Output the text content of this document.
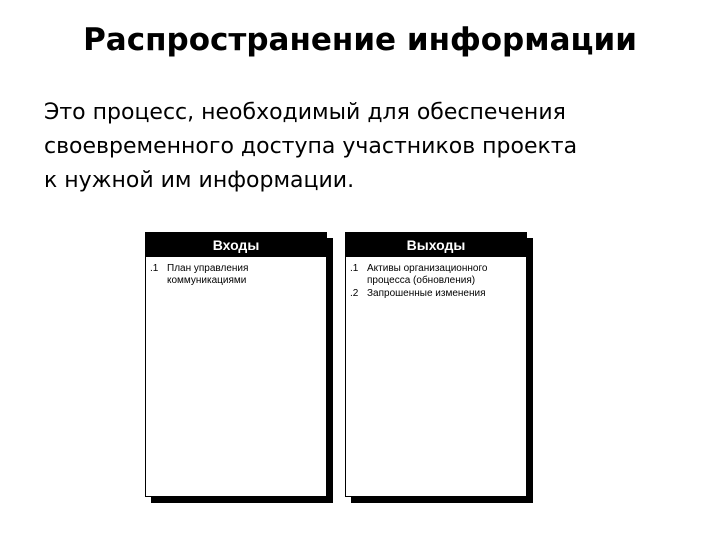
Распространение информации

Это процесс, необходимый для обеспечения
своевременного доступа участников проекта
к нужной им информации.

Входы
.1 План управления
коммуникациями
Выходы
.1 Активы организационного
процесса (обновления)
.2 Запрошенные изменения
